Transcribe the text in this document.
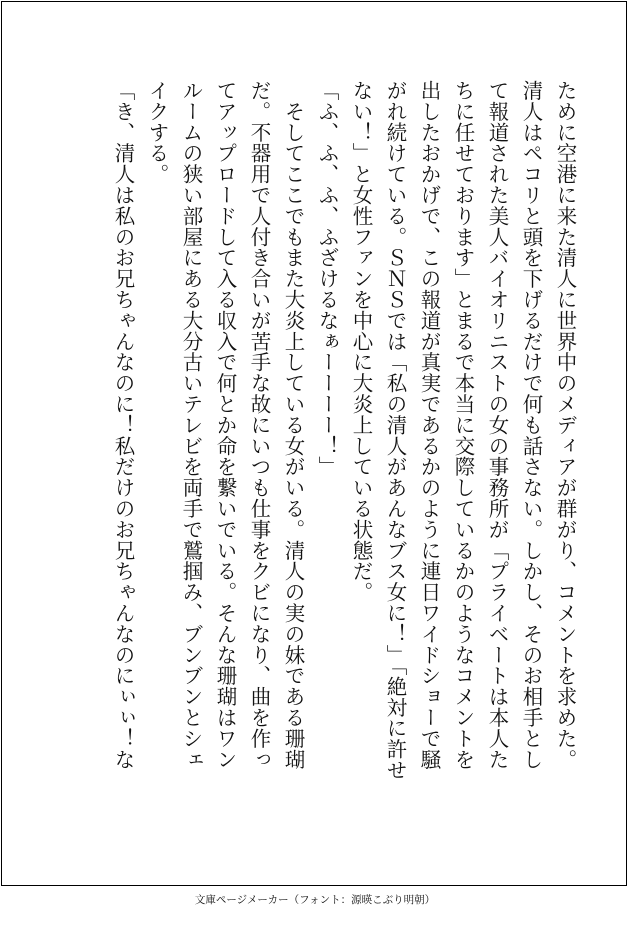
ために空港に来た清人に世界中のメディアが群がり、コメントを求めた。
清人はペコリと頭を下げるだけで何も話さない。しかし、そのお相手とし
て報道された美人バイオリニストの女の事務所が「プライベートは本人た
ちに任せております」とまるで本当に交際しているかのようなコメントを
出したおかげで、この報道が真実であるかのように連日ワイドショーで騒
がれ続けている。ＳＮＳでは「私の清人があんなブス女に！」「絶対に許せ
ない！」と女性ファンを中心に大炎上している状態だ。
「ふ、ふ、ふ、ふざけるなぁーーーー！」
　そしてここでもまた大炎上している女がいる。清人の実の妹である珊瑚
だ。不器用で人付き合いが苦手な故にいつも仕事をクビになり、曲を作っ
てアップロードして入る収入で何とか命を繋いでいる。そんな珊瑚はワン
ルームの狭い部屋にある大分古いテレビを両手で鷲掴み、ブンブンとシェ
イクする。
「き、清人は私のお兄ちゃんなのに！私だけのお兄ちゃんなのにぃぃ！な
文庫ページメーカー（フォント：源暎こぶり明朝）
